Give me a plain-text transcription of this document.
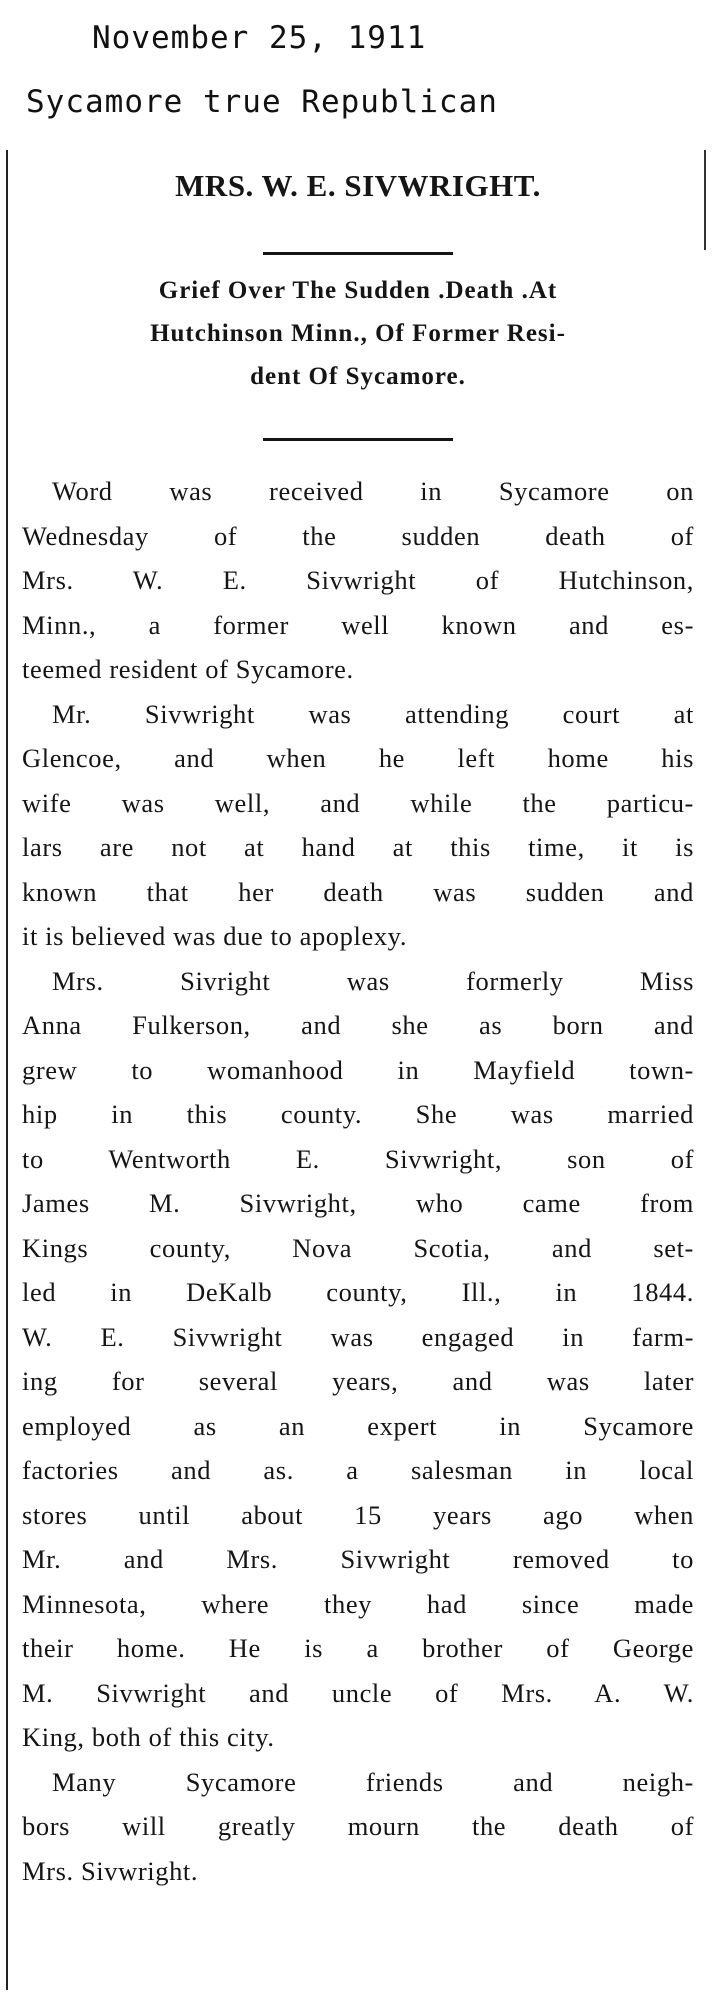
November 25, 1911
Sycamore true Republican
MRS. W. E. SIVWRIGHT.
Grief Over The Sudden .Death .At
Hutchinson Minn., Of Former Resi-
dent Of Sycamore.
Word was received in Sycamore on
Wednesday of the sudden death of
Mrs. W. E. Sivwright of Hutchinson,
Minn., a former well known and es-
teemed resident of Sycamore.
Mr. Sivwright was attending court at
Glencoe, and when he left home his
wife was well, and while the particu-
lars are not at hand at this time, it is
known that her death was sudden and
it is believed was due to apoplexy.
Mrs. Sivright was formerly Miss
Anna Fulkerson, and she as born and
grew to womanhood in Mayfield town-
hip in this county. She was married
to Wentworth E. Sivwright, son of
James M. Sivwright, who came from
Kings county, Nova Scotia, and set-
led in DeKalb county, Ill., in 1844.
W. E. Sivwright was engaged in farm-
ing for several years, and was later
employed as an expert in Sycamore
factories and as. a salesman in local
stores until about 15 years ago when
Mr. and Mrs. Sivwright removed to
Minnesota, where they had since made
their home. He is a brother of George
M. Sivwright and uncle of Mrs. A. W.
King, both of this city.
Many Sycamore friends and neigh-
bors will greatly mourn the death of
Mrs. Sivwright.
